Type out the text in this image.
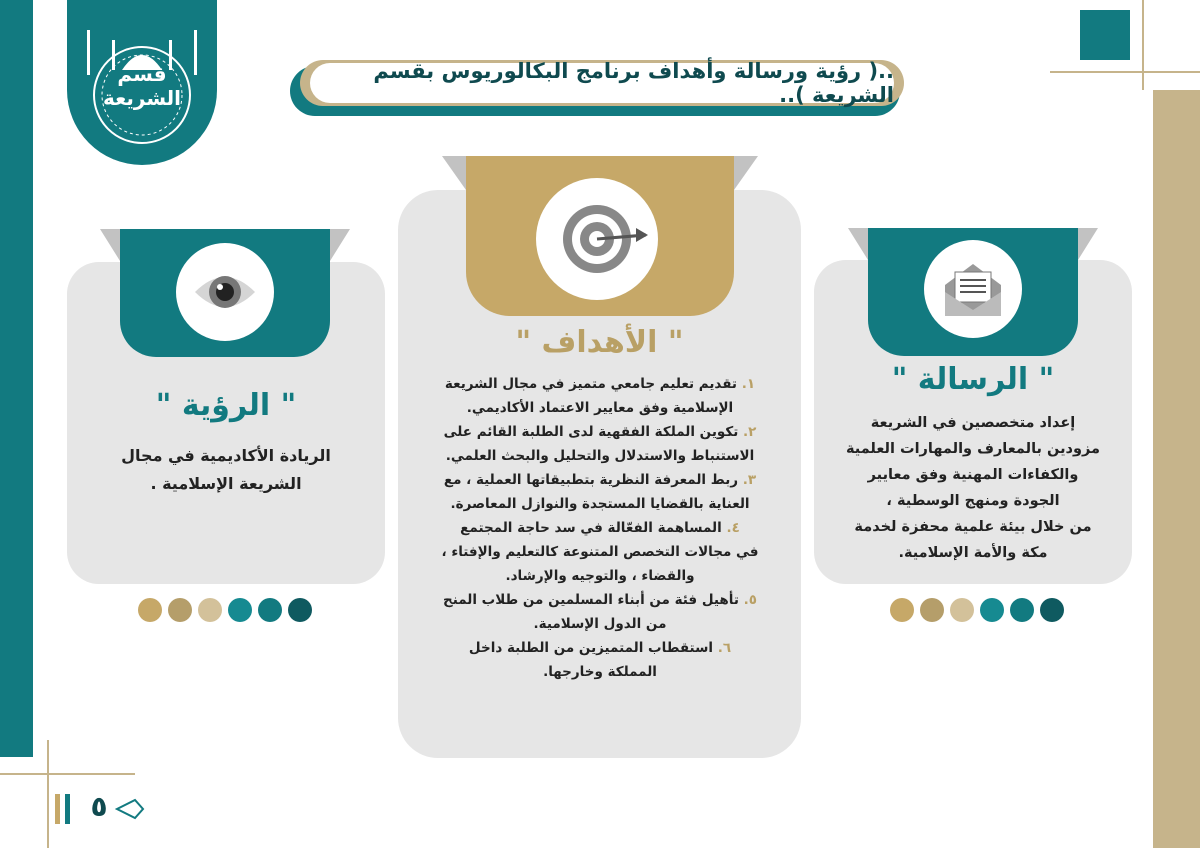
قسم الشريعة
..( رؤية ورسالة وأهداف برنامج البكالوريوس بقسم الشريعة )..
" الرؤية "
الريادة الأكاديمية في مجال
الشريعة الإسلامية .
" الأهداف "
١. تقديم تعليم جامعي متميز في مجال الشريعة
الإسلامية وفق معايير الاعتماد الأكاديمي.
٢. تكوين الملكة الفقهية لدى الطلبة القائم على
الاستنباط والاستدلال والتحليل والبحث العلمي.
٣. ربط المعرفة النظرية بتطبيقاتها العملية ، مع
العناية بالقضايا المستجدة والنوازل المعاصرة.
٤. المساهمة الفعّالة في سد حاجة المجتمع
في مجالات التخصص المتنوعة كالتعليم والإفتاء ،
والقضاء ، والتوجيه والإرشاد.
٥. تأهيل فئة من أبناء المسلمين من طلاب المنح
من الدول الإسلامية.
٦. استقطاب المتميزين من الطلبة داخل
المملكة وخارجها.
" الرسالة "
إعداد متخصصين في الشريعة
مزودين بالمعارف والمهارات العلمية
والكفاءات المهنية وفق معايير
الجودة ومنهج الوسطية ،
من خلال بيئة علمية محفزة لخدمة
مكة والأمة الإسلامية.
٥
